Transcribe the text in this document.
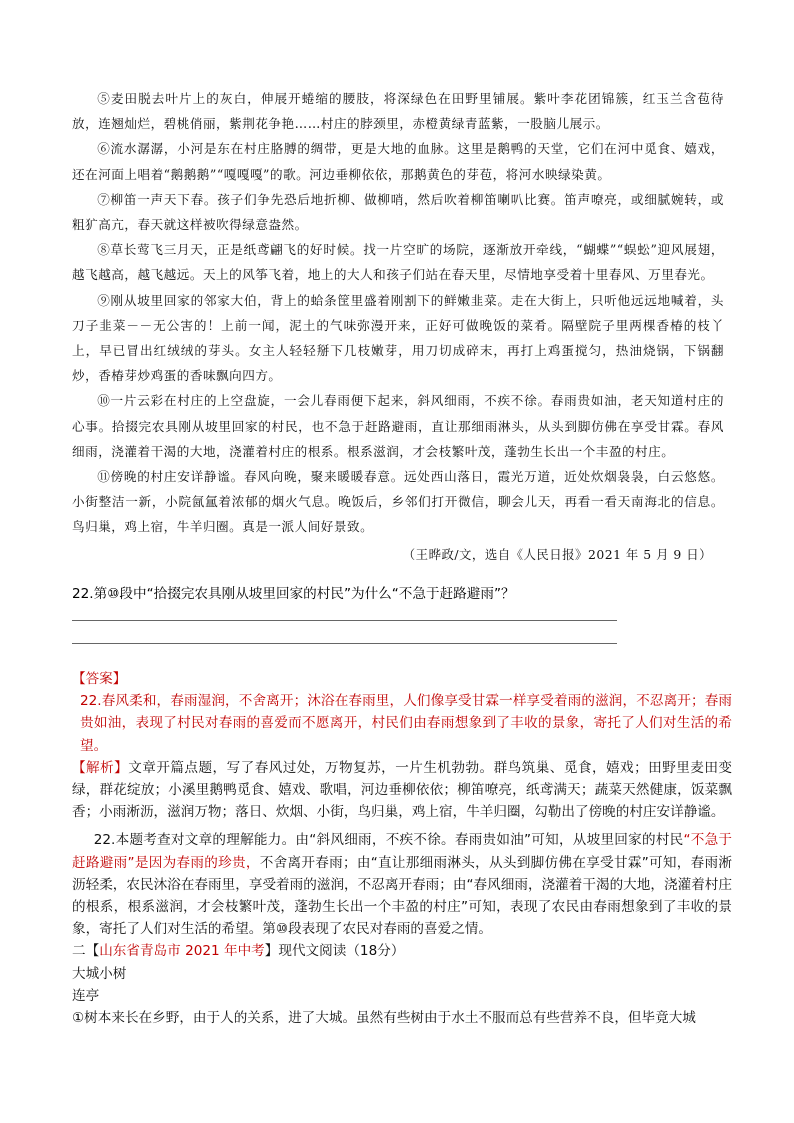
⑤麦田脱去叶片上的灰白，伸展开蜷缩的腰肢，将深绿色在田野里铺展。紫叶李花团锦簇，红玉兰含苞待放，连翘灿烂，碧桃俏丽，紫荆花争艳……村庄的脖颈里，赤橙黄绿青蓝紫，一股脑儿展示。

⑥流水潺潺，小河是东在村庄胳膊的绸带，更是大地的血脉。这里是鹅鸭的天堂，它们在河中觅食、嬉戏，还在河面上唱着“鹅鹅鹅”“嘎嘎嘎”的歌。河边垂柳依依，那鹅黄色的芽苞，将河水映绿染黄。

⑦柳笛一声天下春。孩子们争先恐后地折柳、做柳哨，然后吹着柳笛喇叭比赛。笛声嘹亮，或细腻婉转，或粗犷高亢，春天就这样被吹得绿意盎然。

⑧草长莺飞三月天，正是纸鸢翩飞的好时候。找一片空旷的场院，逐渐放开牵线，“蝴蝶”“蜈蚣”迎风展翅，越飞越高，越飞越远。天上的风筝飞着，地上的大人和孩子们站在春天里，尽情地享受着十里春风、万里春光。

⑨刚从坡里回家的邻家大伯，背上的蛤条筐里盛着刚割下的鲜嫩韭菜。走在大街上，只听他远远地喊着，头刀子韭菜－－无公害的！上前一闻，泥土的气味弥漫开来，正好可做晚饭的菜肴。隔壁院子里两棵香椿的枝丫上，早已冒出红绒绒的芽头。女主人轻轻掰下几枝嫩芽，用刀切成碎末，再打上鸡蛋搅匀，热油烧锅，下锅翻炒，香椿芽炒鸡蛋的香味飘向四方。

⑩一片云彩在村庄的上空盘旋，一会儿春雨便下起来，斜风细雨，不疾不徐。春雨贵如油，老天知道村庄的心事。拾掇完农具刚从坡里回家的村民，也不急于赶路避雨，直让那细雨淋头，从头到脚仿佛在享受甘霖。春风细雨，浇灌着干渴的大地，浇灌着村庄的根系。根系滋润，才会枝繁叶茂，蓬勃生长出一个丰盈的村庄。

⑪傍晚的村庄安详静谧。春风向晚，聚来暖暖春意。远处西山落日，霞光万道，近处炊烟袅袅，白云悠悠。小街整洁一新，小院氤氲着浓郁的烟火气息。晚饭后，乡邻们打开微信，聊会儿天，再看一看天南海北的信息。鸟归巢，鸡上宿，牛羊归圈。真是一派人间好景致。

（王晔政/文，选自《人民日报》2021 年 5 月 9 日）
22.第⑩段中“拾掇完农具刚从坡里回家的村民”为什么“不急于赶路避雨”？

【答案】

22.春风柔和，春雨湿润，不舍离开；沐浴在春雨里，人们像享受甘霖一样享受着雨的滋润，不忍离开；春雨贵如油，表现了村民对春雨的喜爱而不愿离开，村民们由春雨想象到了丰收的景象，寄托了人们对生活的希望。

【解析】文章开篇点题，写了春风过处，万物复苏，一片生机勃勃。群鸟筑巢、觅食，嬉戏；田野里麦田变绿，群花绽放；小溪里鹅鸭觅食、嬉戏、歌唱，河边垂柳依依；柳笛嘹亮，纸鸢满天；蔬菜天然健康，饭菜飘香；小雨淅沥，滋润万物；落日、炊烟、小街，鸟归巢，鸡上宿，牛羊归圈，勾勒出了傍晚的村庄安详静谧。

22.本题考查对文章的理解能力。由“斜风细雨，不疾不徐。春雨贵如油”可知，从坡里回家的村民“不急于赶路避雨”是因为春雨的珍贵，不舍离开春雨；由“直让那细雨淋头，从头到脚仿佛在享受甘霖”可知，春雨淅沥轻柔，农民沐浴在春雨里，享受着雨的滋润，不忍离开春雨；由“春风细雨，浇灌着干渴的大地，浇灌着村庄的根系，根系滋润，才会枝繁叶茂，蓬勃生长出一个丰盈的村庄”可知，表现了农民由春雨想象到了丰收的景象，寄托了人们对生活的希望。第⑩段表现了农民对春雨的喜爱之情。

二【山东省青岛市 2021 年中考】现代文阅读（18分）

大城小树

连亭

①树本来长在乡野，由于人的关系，进了大城。虽然有些树由于水土不服而总有些营养不良，但毕竟大城
